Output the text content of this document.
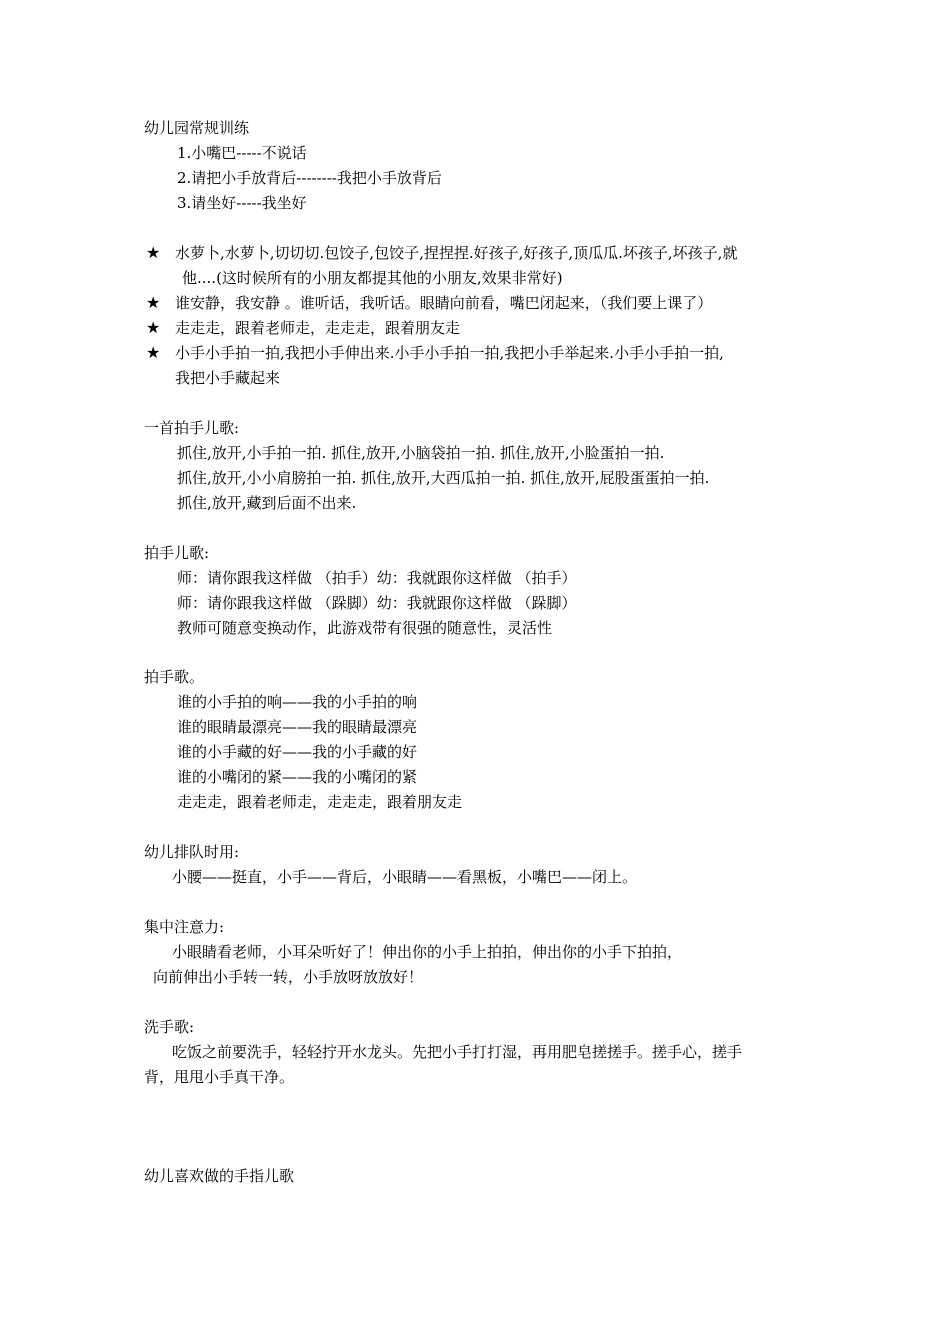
幼儿园常规训练
1.小嘴巴-----不说话
2.请把小手放背后--------我把小手放背后
3.请坐好-----我坐好
★ 水萝卜,水萝卜,切切切.包饺子,包饺子,捏捏捏.好孩子,好孩子,顶瓜瓜.坏孩子,坏孩子,就
他....(这时候所有的小朋友都提其他的小朋友,效果非常好)
★ 谁安静，我安静 。谁听话，我听话。眼睛向前看，嘴巴闭起来，（我们要上课了）
★ 走走走，跟着老师走，走走走，跟着朋友走
★ 小手小手拍一拍,我把小手伸出来.小手小手拍一拍,我把小手举起来.小手小手拍一拍,
我把小手藏起来
一首拍手儿歌:
抓住,放开,小手拍一拍. 抓住,放开,小脑袋拍一拍. 抓住,放开,小脸蛋拍一拍.
抓住,放开,小小肩膀拍一拍. 抓住,放开,大西瓜拍一拍. 抓住,放开,屁股蛋蛋拍一拍.
抓住,放开,藏到后面不出来.
拍手儿歌:
师：请你跟我这样做 （拍手）幼：我就跟你这样做 （拍手）
师：请你跟我这样做 （跺脚）幼：我就跟你这样做 （跺脚）
教师可随意变换动作，此游戏带有很强的随意性，灵活性
拍手歌。
谁的小手拍的响——我的小手拍的响
谁的眼睛最漂亮——我的眼睛最漂亮
谁的小手藏的好——我的小手藏的好
谁的小嘴闭的紧——我的小嘴闭的紧
走走走，跟着老师走，走走走，跟着朋友走
幼儿排队时用:
小腰——挺直，小手——背后，小眼睛——看黑板，小嘴巴——闭上。
集中注意力:
小眼睛看老师，小耳朵听好了！伸出你的小手上拍拍，伸出你的小手下拍拍，
向前伸出小手转一转，小手放呀放放好！
洗手歌:
吃饭之前要洗手，轻轻拧开水龙头。先把小手打打湿，再用肥皂搓搓手。搓手心，搓手
背，甩甩小手真干净。
幼儿喜欢做的手指儿歌
